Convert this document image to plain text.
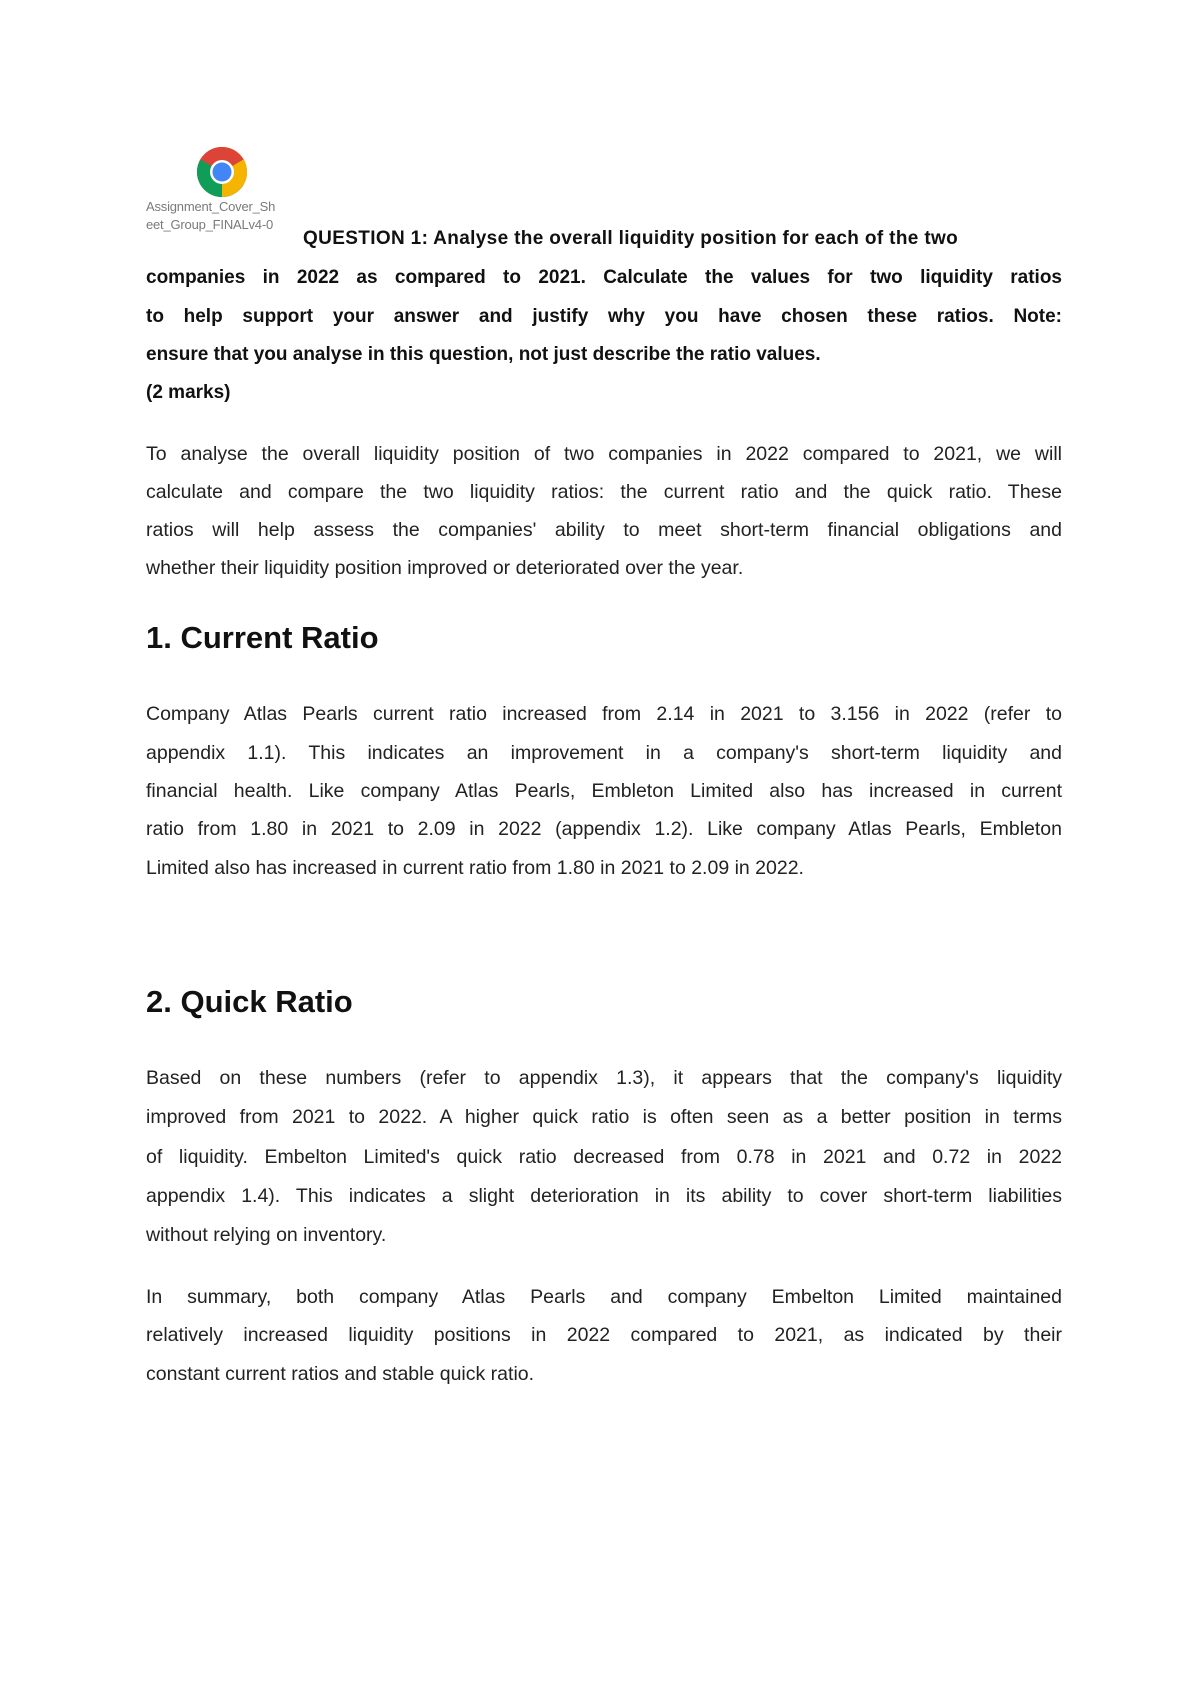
Assignment_Cover_Sh
eet_Group_FINALv4-0
QUESTION 1: Analyse the overall liquidity position for each of the two
companies in 2022 as compared to 2021. Calculate the values for two liquidity ratios
to help support your answer and justify why you have chosen these ratios. Note:
ensure that you analyse in this question, not just describe the ratio values.
(2 marks)
To analyse the overall liquidity position of two companies in 2022 compared to 2021, we will
calculate and compare the two liquidity ratios: the current ratio and the quick ratio. These
ratios will help assess the companies' ability to meet short-term financial obligations and
whether their liquidity position improved or deteriorated over the year.
1. Current Ratio
Company Atlas Pearls current ratio increased from 2.14 in 2021 to 3.156 in 2022 (refer to
appendix 1.1). This indicates an improvement in a company's short-term liquidity and
financial health. Like company Atlas Pearls, Embleton Limited also has increased in current
ratio from 1.80 in 2021 to 2.09 in 2022 (appendix 1.2). Like company Atlas Pearls, Embleton
Limited also has increased in current ratio from 1.80 in 2021 to 2.09 in 2022.
2. Quick Ratio
Based on these numbers (refer to appendix 1.3), it appears that the company's liquidity
improved from 2021 to 2022. A higher quick ratio is often seen as a better position in terms
of liquidity. Embelton Limited's quick ratio decreased from 0.78 in 2021 and 0.72 in 2022
appendix 1.4). This indicates a slight deterioration in its ability to cover short-term liabilities
without relying on inventory.
In summary, both company Atlas Pearls and company Embelton Limited maintained
relatively increased liquidity positions in 2022 compared to 2021, as indicated by their
constant current ratios and stable quick ratio.
